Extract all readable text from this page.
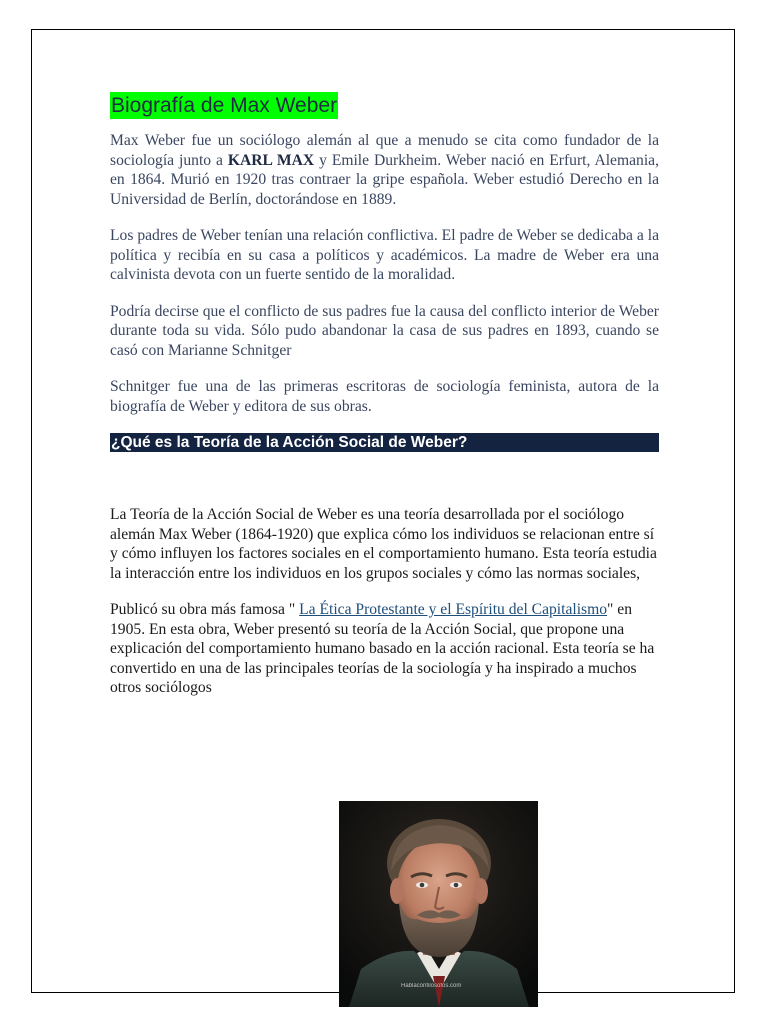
Biografía de Max Weber

Max Weber fue un sociólogo alemán al que a menudo se cita como fundador de la sociología junto a KARL MAX y Emile Durkheim. Weber nació en Erfurt, Alemania, en 1864. Murió en 1920 tras contraer la gripe española. Weber estudió Derecho en la Universidad de Berlín, doctorándose en 1889.

Los padres de Weber tenían una relación conflictiva. El padre de Weber se dedicaba a la política y recibía en su casa a políticos y académicos. La madre de Weber era una calvinista devota con un fuerte sentido de la moralidad.

Podría decirse que el conflicto de sus padres fue la causa del conflicto interior de Weber durante toda su vida. Sólo pudo abandonar la casa de sus padres en 1893, cuando se casó con Marianne Schnitger

Schnitger fue una de las primeras escritoras de sociología feminista, autora de la biografía de Weber y editora de sus obras.

¿Qué es la Teoría de la Acción Social de Weber?

La Teoría de la Acción Social de Weber es una teoría desarrollada por el sociólogo alemán Max Weber (1864-1920) que explica cómo los individuos se relacionan entre sí y cómo influyen los factores sociales en el comportamiento humano. Esta teoría estudia la interacción entre los individuos en los grupos sociales y cómo las normas sociales,

Publicó su obra más famosa " La Ética Protestante y el Espíritu del Capitalismo" en 1905. En esta obra, Weber presentó su teoría de la Acción Social, que propone una explicación del comportamiento humano basado en la acción racional. Esta teoría se ha convertido en una de las principales teorías de la sociología y ha inspirado a muchos otros sociólogos

Hablaconfilosofos.com
